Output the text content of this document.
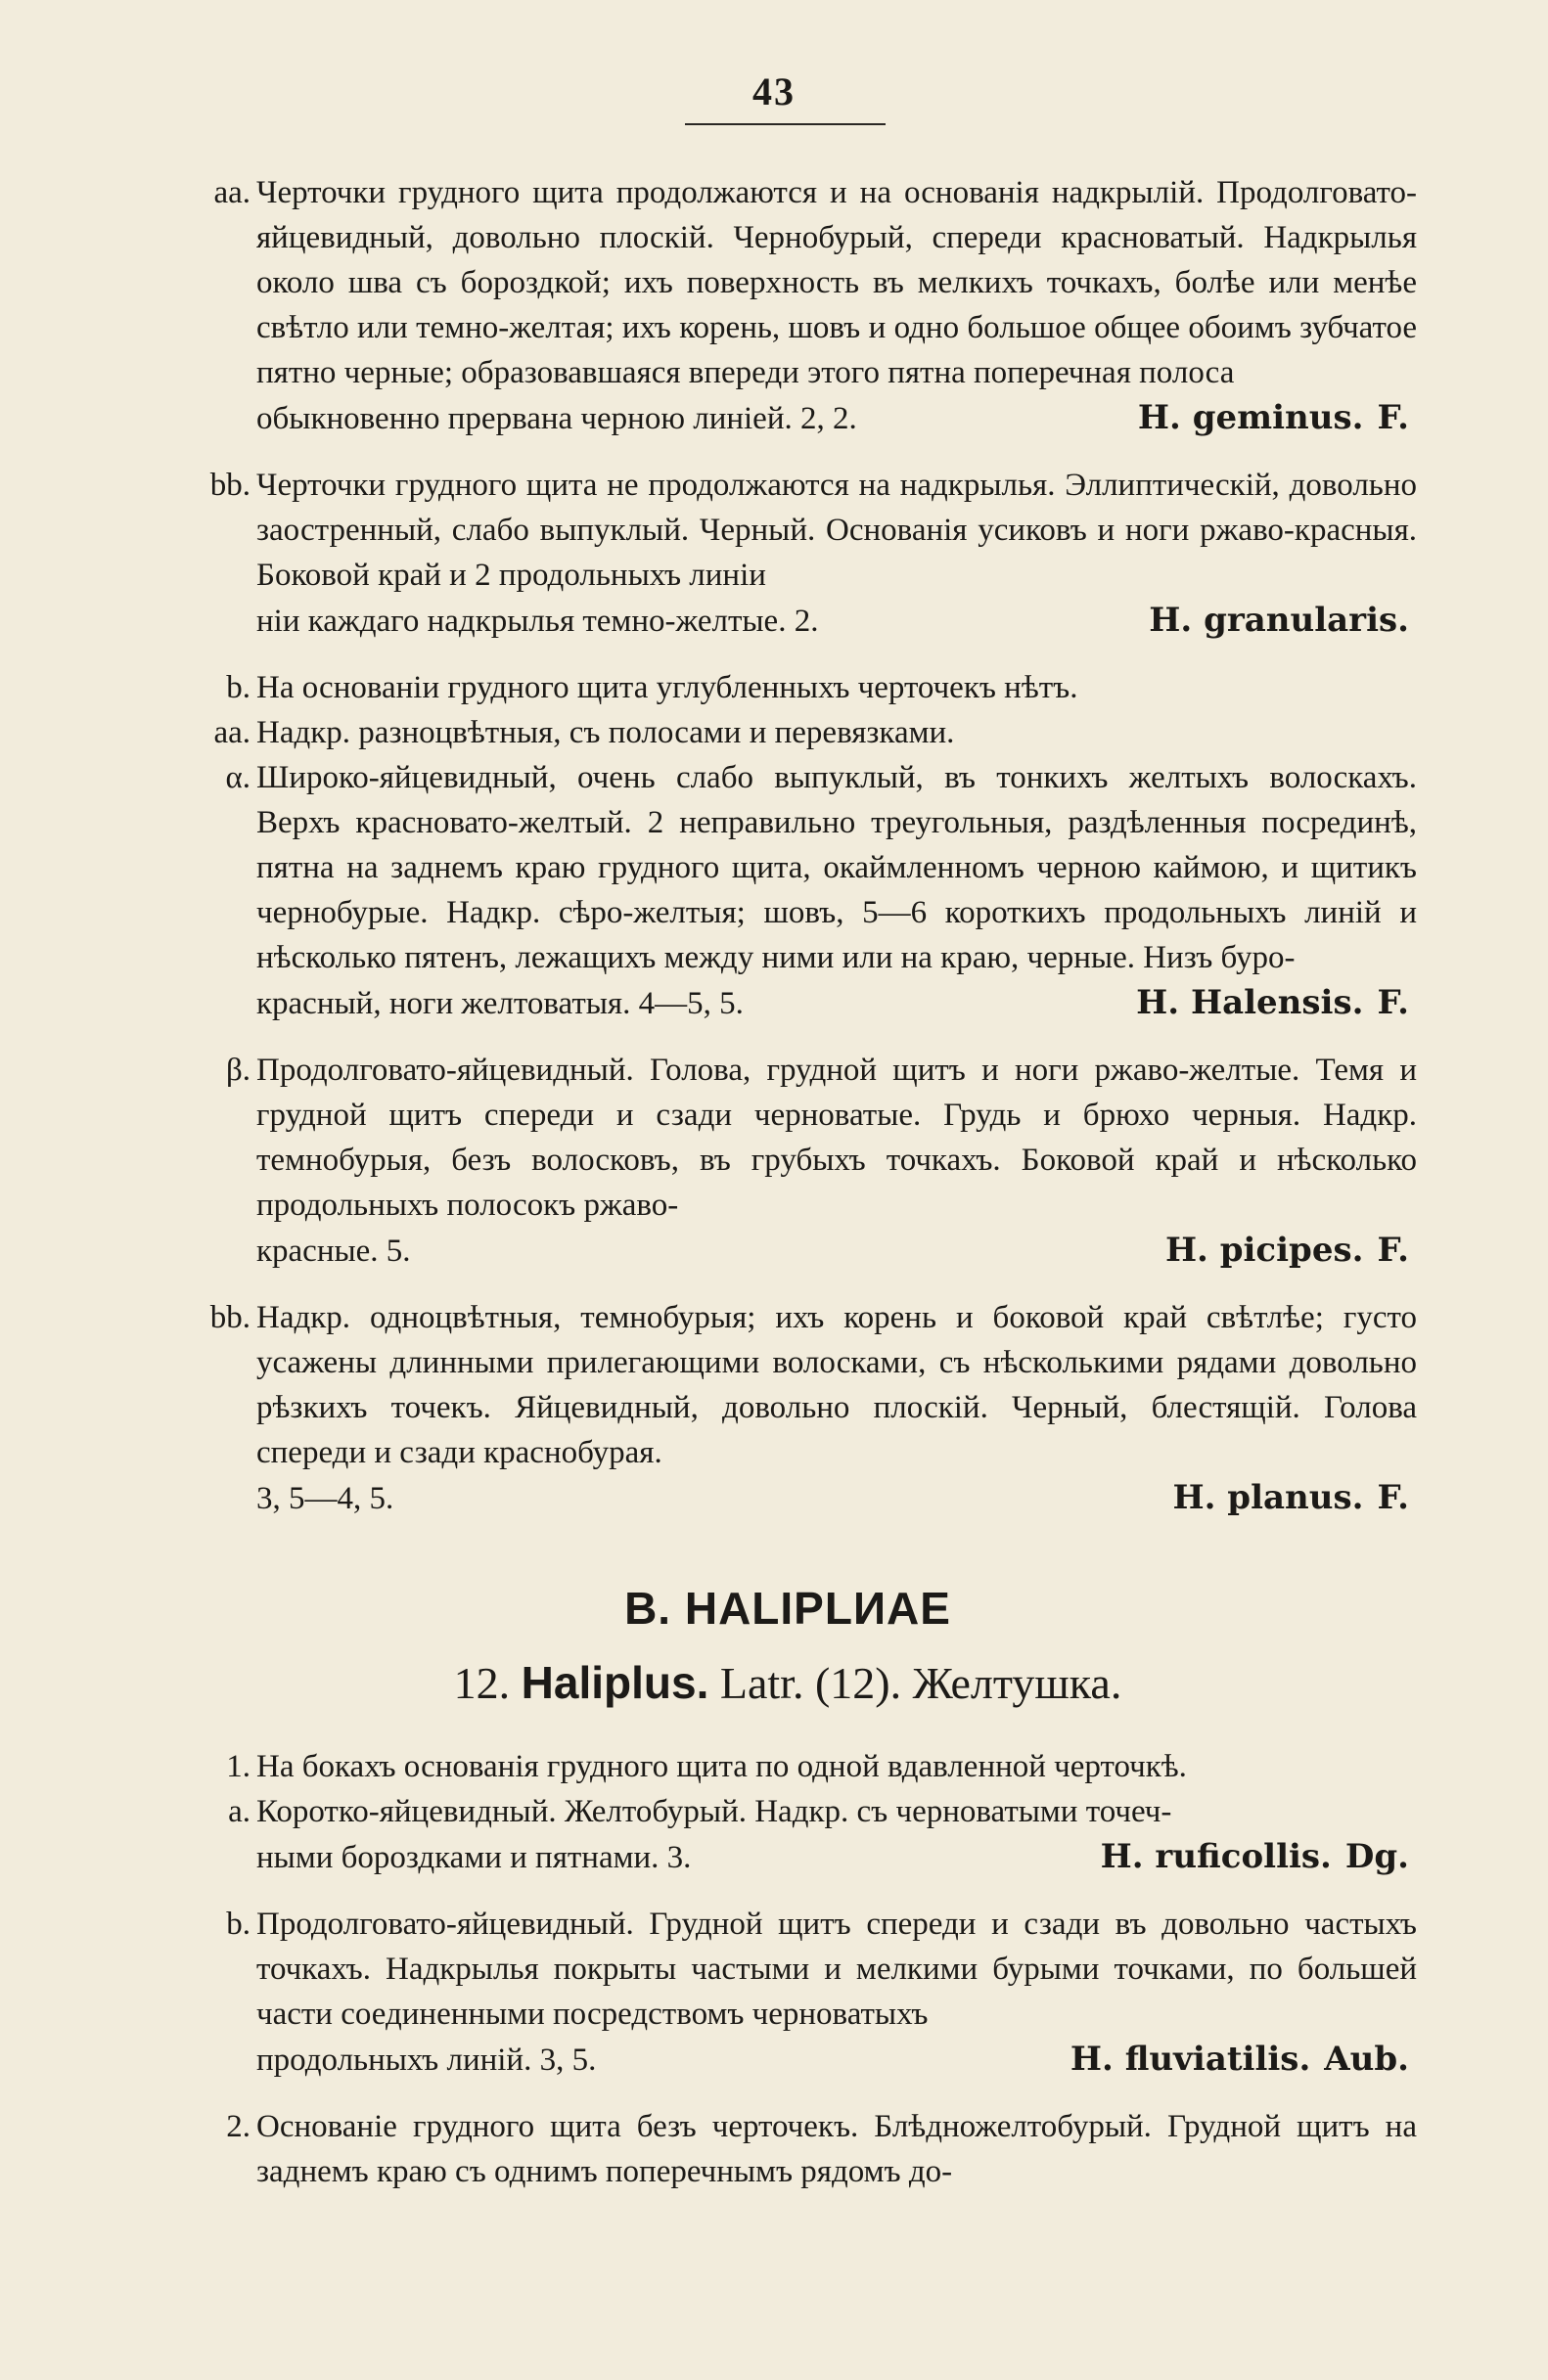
43
aa. Черточки грудного щита продолжаются и на основанія надкрылій. Продолговато-яйцевидный, довольно плоскій. Чернобурый, спереди красноватый. Надкрылья около шва съ бороздкой; ихъ поверхность въ мелкихъ точкахъ, болѣе или менѣе свѣтло или темно-желтая; ихъ корень, шовъ и одно большое общее обоимъ зубчатое пятно черные; образовавшаяся впереди этого пятна поперечная полоса
обыкновенно прервана черною линіей. 2, 2.	H. geminus. F.
bb. Черточки грудного щита не продолжаются на надкрылья. Эллиптическій, довольно заостренный, слабо выпуклый. Черный. Основанія усиковъ и ноги ржаво-красныя. Боковой край и 2 продольныхъ линіи
ніи каждаго надкрылья темно-желтые. 2.	H. granularis.
b. На основаніи грудного щита углубленныхъ черточекъ нѣтъ.
aa. Надкр. разноцвѣтныя, съ полосами и перевязками.
α. Широко-яйцевидный, очень слабо выпуклый, въ тонкихъ желтыхъ волоскахъ. Верхъ красновато-желтый. 2 неправильно треугольныя, раздѣленныя посрединѣ, пятна на заднемъ краю грудного щита, окаймленномъ черною каймою, и щитикъ чернобурые. Надкр. сѣро-желтыя; шовъ, 5—6 короткихъ продольныхъ линій и нѣсколько пятенъ, лежащихъ между ними или на краю, черные. Низъ буро-
красный, ноги желтоватыя. 4—5, 5.	H. Halensis. F.
β. Продолговато-яйцевидный. Голова, грудной щитъ и ноги ржаво-желтые. Темя и грудной щитъ спереди и сзади черноватые. Грудь и брюхо черныя. Надкр. темнобурыя, безъ волосковъ, въ грубыхъ точкахъ. Боковой край и нѣсколько продольныхъ полосокъ ржаво-
красные. 5.	H. picipes. F.
bb. Надкр. одноцвѣтныя, темнобурыя; ихъ корень и боковой край свѣтлѣе; густо усажены длинными прилегающими волосками, съ нѣсколькими рядами довольно рѣзкихъ точекъ. Яйцевидный, довольно плоскій. Черный, блестящій. Голова спереди и сзади краснобурая.
3, 5—4, 5.	H. planus. F.
B. HALIPLИAE
12. Haliplus. Latr. (12). Желтушка.
1. На бокахъ основанія грудного щита по одной вдавленной черточкѣ.
a. Коротко-яйцевидный. Желтобурый. Надкр. съ черноватыми точеч-
ными бороздками и пятнами. 3.	H. ruficollis. Dg.
b. Продолговато-яйцевидный. Грудной щитъ спереди и сзади въ довольно частыхъ точкахъ. Надкрылья покрыты частыми и мелкими бурыми точками, по большей части соединенными посредствомъ черноватыхъ
продольныхъ линій. 3, 5.	H. fluviatilis. Aub.
2. Основаніе грудного щита безъ черточекъ. Блѣдножелтобурый. Грудной щитъ на заднемъ краю съ однимъ поперечнымъ рядомъ до-
